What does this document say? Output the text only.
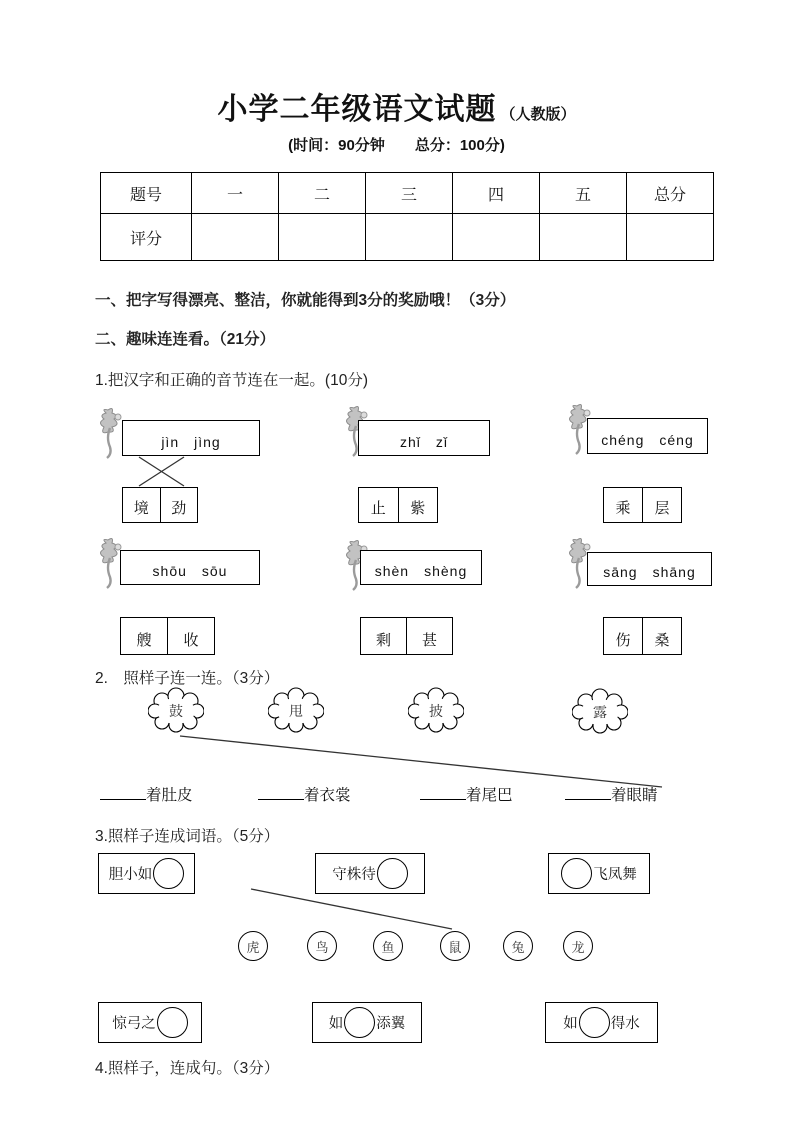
小学二年级语文试题 （人教版）
(时间：90分钟　　总分：100分)
题号	一	二	三	四	五	总分
评分						
一、把字写得漂亮、整洁，你就能得到3分的奖励哦！（3分）
二、趣味连连看。（21分）
1.把汉字和正确的音节连在一起。(10分)
jìn　jìnɡ	zhǐ　zǐ	chénɡ　cénɡ
境	劲	止	紫	乘	层
shōu　sōu	shèn　shènɡ	sānɡ　shānɡ
艘	收	剩	甚	伤	桑
2.　照样子连一连。（3分）
鼓	甩	披	露
着肚皮	着衣裳	着尾巴	着眼睛
3.照样子连成词语。（5分）
胆小如	守株待	飞凤舞
虎	鸟	鱼	鼠	兔	龙
惊弓之	如 添翼	如 得水
4.照样子，连成句。（3分）
